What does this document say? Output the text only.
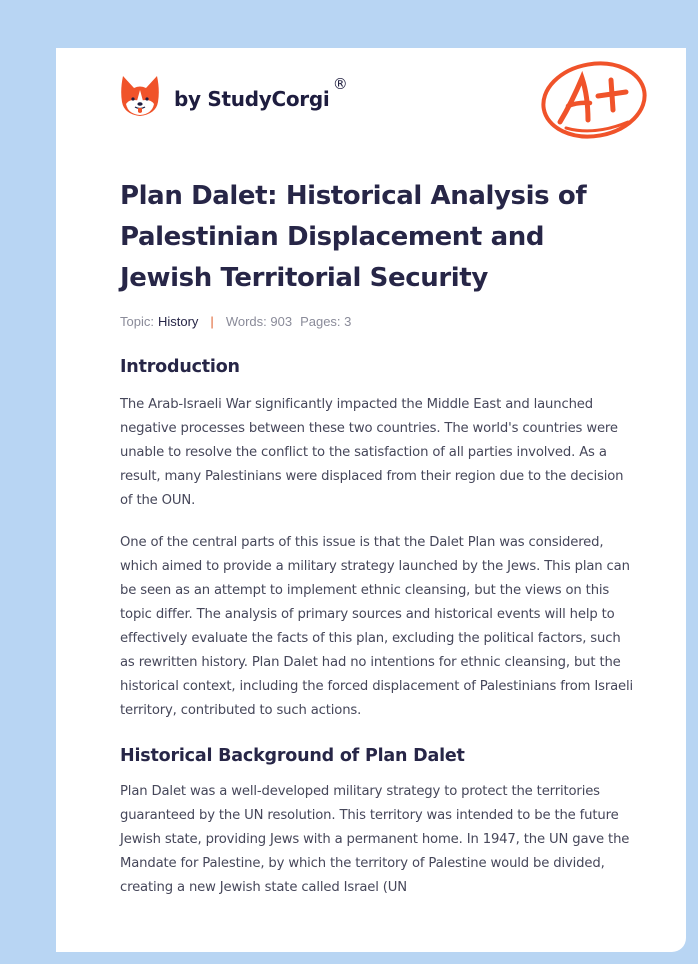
by StudyCorgi
®
Plan Dalet: Historical Analysis of
Palestinian Displacement and
Jewish Territorial Security
Topic: History | Words: 903 Pages: 3
Introduction

The Arab-Israeli War significantly impacted the Middle East and launched negative processes between these two countries. The world's countries were unable to resolve the conflict to the satisfaction of all parties involved. As a result, many Palestinians were displaced from their region due to the decision of the OUN.

One of the central parts of this issue is that the Dalet Plan was considered, which aimed to provide a military strategy launched by the Jews. This plan can be seen as an attempt to implement ethnic cleansing, but the views on this topic differ. The analysis of primary sources and historical events will help to effectively evaluate the facts of this plan, excluding the political factors, such as rewritten history. Plan Dalet had no intentions for ethnic cleansing, but the historical context, including the forced displacement of Palestinians from Israeli territory, contributed to such actions.

Historical Background of Plan Dalet

Plan Dalet was a well-developed military strategy to protect the territories guaranteed by the UN resolution. This territory was intended to be the future Jewish state, providing Jews with a permanent home. In 1947, the UN gave the Mandate for Palestine, by which the territory of Palestine would be divided, creating a new Jewish state called Israel (UN
